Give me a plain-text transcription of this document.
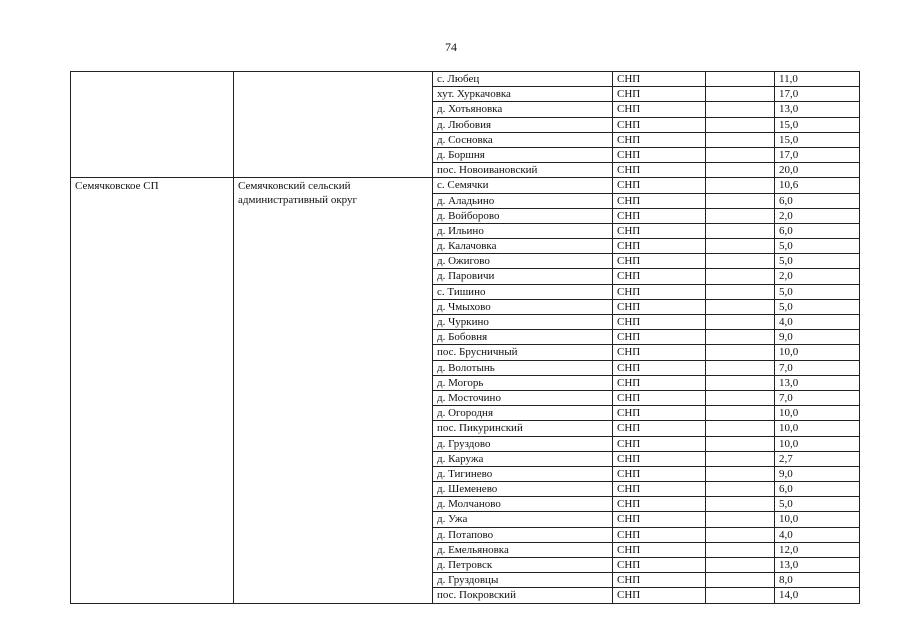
74
		с. Любец	СНП		11,0
		хут. Хуркачовка	СНП		17,0
		д. Хотьяновка	СНП		13,0
		д. Любовия	СНП		15,0
		д. Сосновка	СНП		15,0
		д. Боршня	СНП		17,0
		пос. Новоивановский	СНП		20,0
Семячковское СП	Семячковский сельский административный округ	с. Семячки	СНП		10,6
		д. Аладьино	СНП		6,0
		д. Войборово	СНП		2,0
		д. Ильино	СНП		6,0
		д. Калачовка	СНП		5,0
		д. Ожигово	СНП		5,0
		д. Паровичи	СНП		2,0
		с. Тишино	СНП		5,0
		д. Чмыхово	СНП		5,0
		д. Чуркино	СНП		4,0
		д. Бобовня	СНП		9,0
		пос. Брусничный	СНП		10,0
		д. Волотынь	СНП		7,0
		д. Могорь	СНП		13,0
		д. Мосточино	СНП		7,0
		д. Огородня	СНП		10,0
		пос. Пикуринский	СНП		10,0
		д. Груздово	СНП		10,0
		д. Каружа	СНП		2,7
		д. Тигинево	СНП		9,0
		д. Шеменево	СНП		6,0
		д. Молчаново	СНП		5,0
		д. Ужа	СНП		10,0
		д. Потапово	СНП		4,0
		д. Емельяновка	СНП		12,0
		д. Петровск	СНП		13,0
		д. Груздовцы	СНП		8,0
		пос. Покровский	СНП		14,0
